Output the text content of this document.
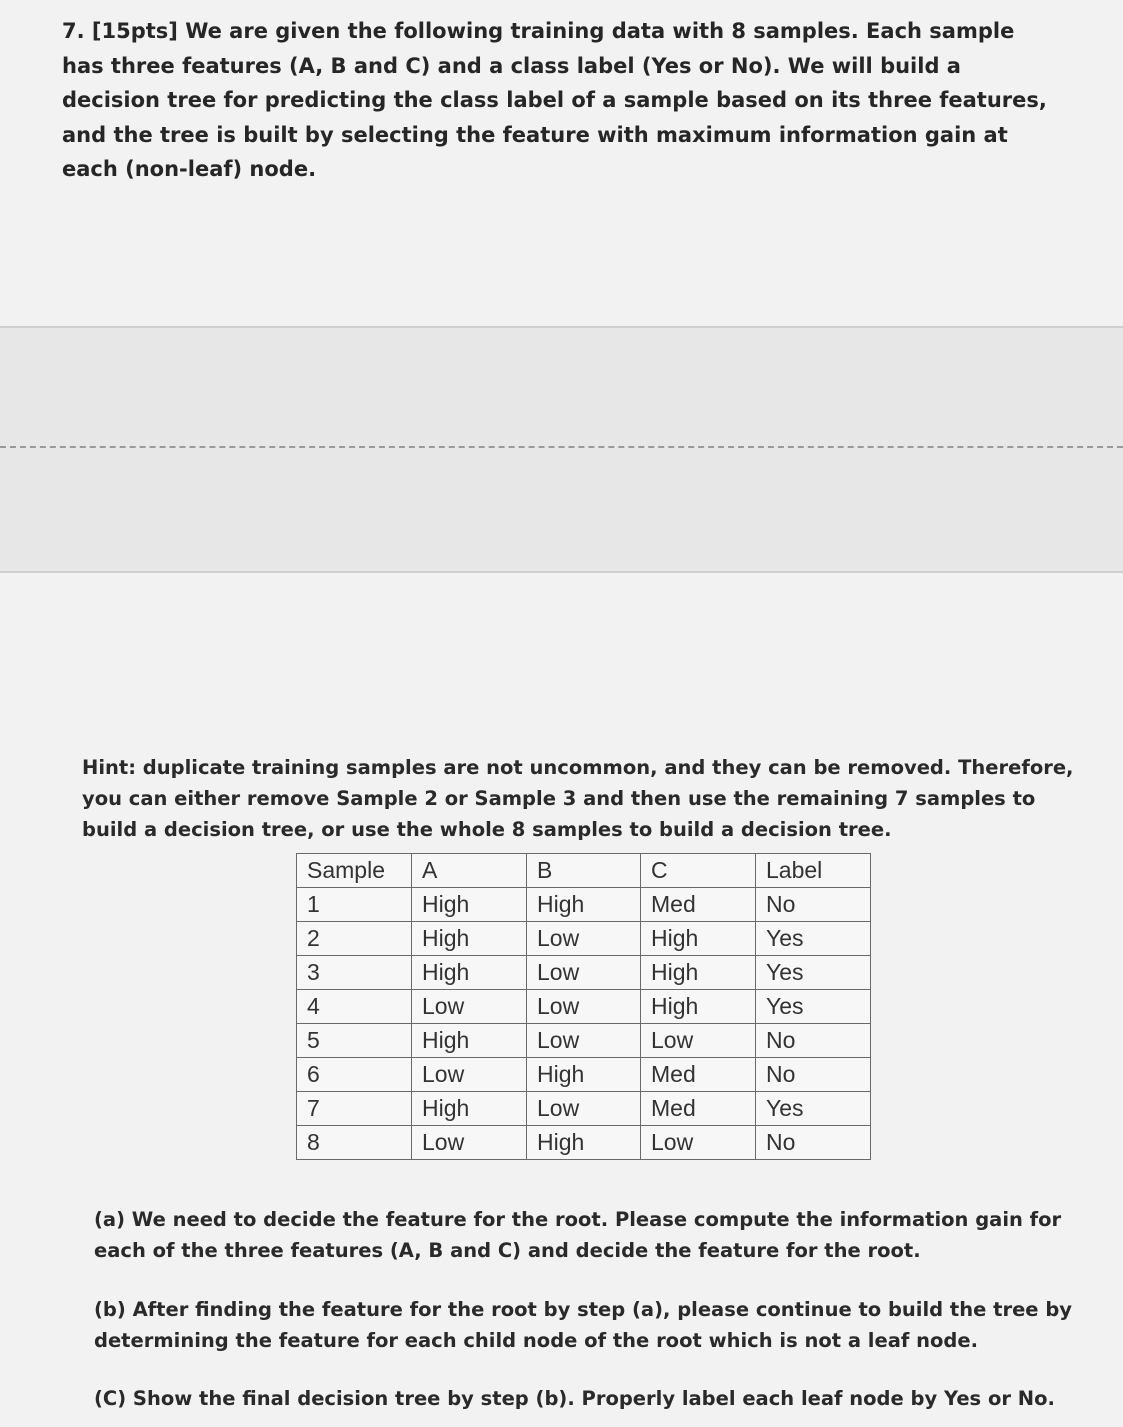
7. [15pts] We are given the following training data with 8 samples. Each sample has three features (A, B and C) and a class label (Yes or No). We will build a decision tree for predicting the class label of a sample based on its three features, and the tree is built by selecting the feature with maximum information gain at each (non-leaf) node.
Hint: duplicate training samples are not uncommon, and they can be removed. Therefore, you can either remove Sample 2 or Sample 3 and then use the remaining 7 samples to build a decision tree, or use the whole 8 samples to build a decision tree.
Sample	A	B	C	Label
1	High	High	Med	No
2	High	Low	High	Yes
3	High	Low	High	Yes
4	Low	Low	High	Yes
5	High	Low	Low	No
6	Low	High	Med	No
7	High	Low	Med	Yes
8	Low	High	Low	No
(a) We need to decide the feature for the root. Please compute the information gain for each of the three features (A, B and C) and decide the feature for the root.
(b) After finding the feature for the root by step (a), please continue to build the tree by determining the feature for each child node of the root which is not a leaf node.
(C) Show the final decision tree by step (b). Properly label each leaf node by Yes or No.
